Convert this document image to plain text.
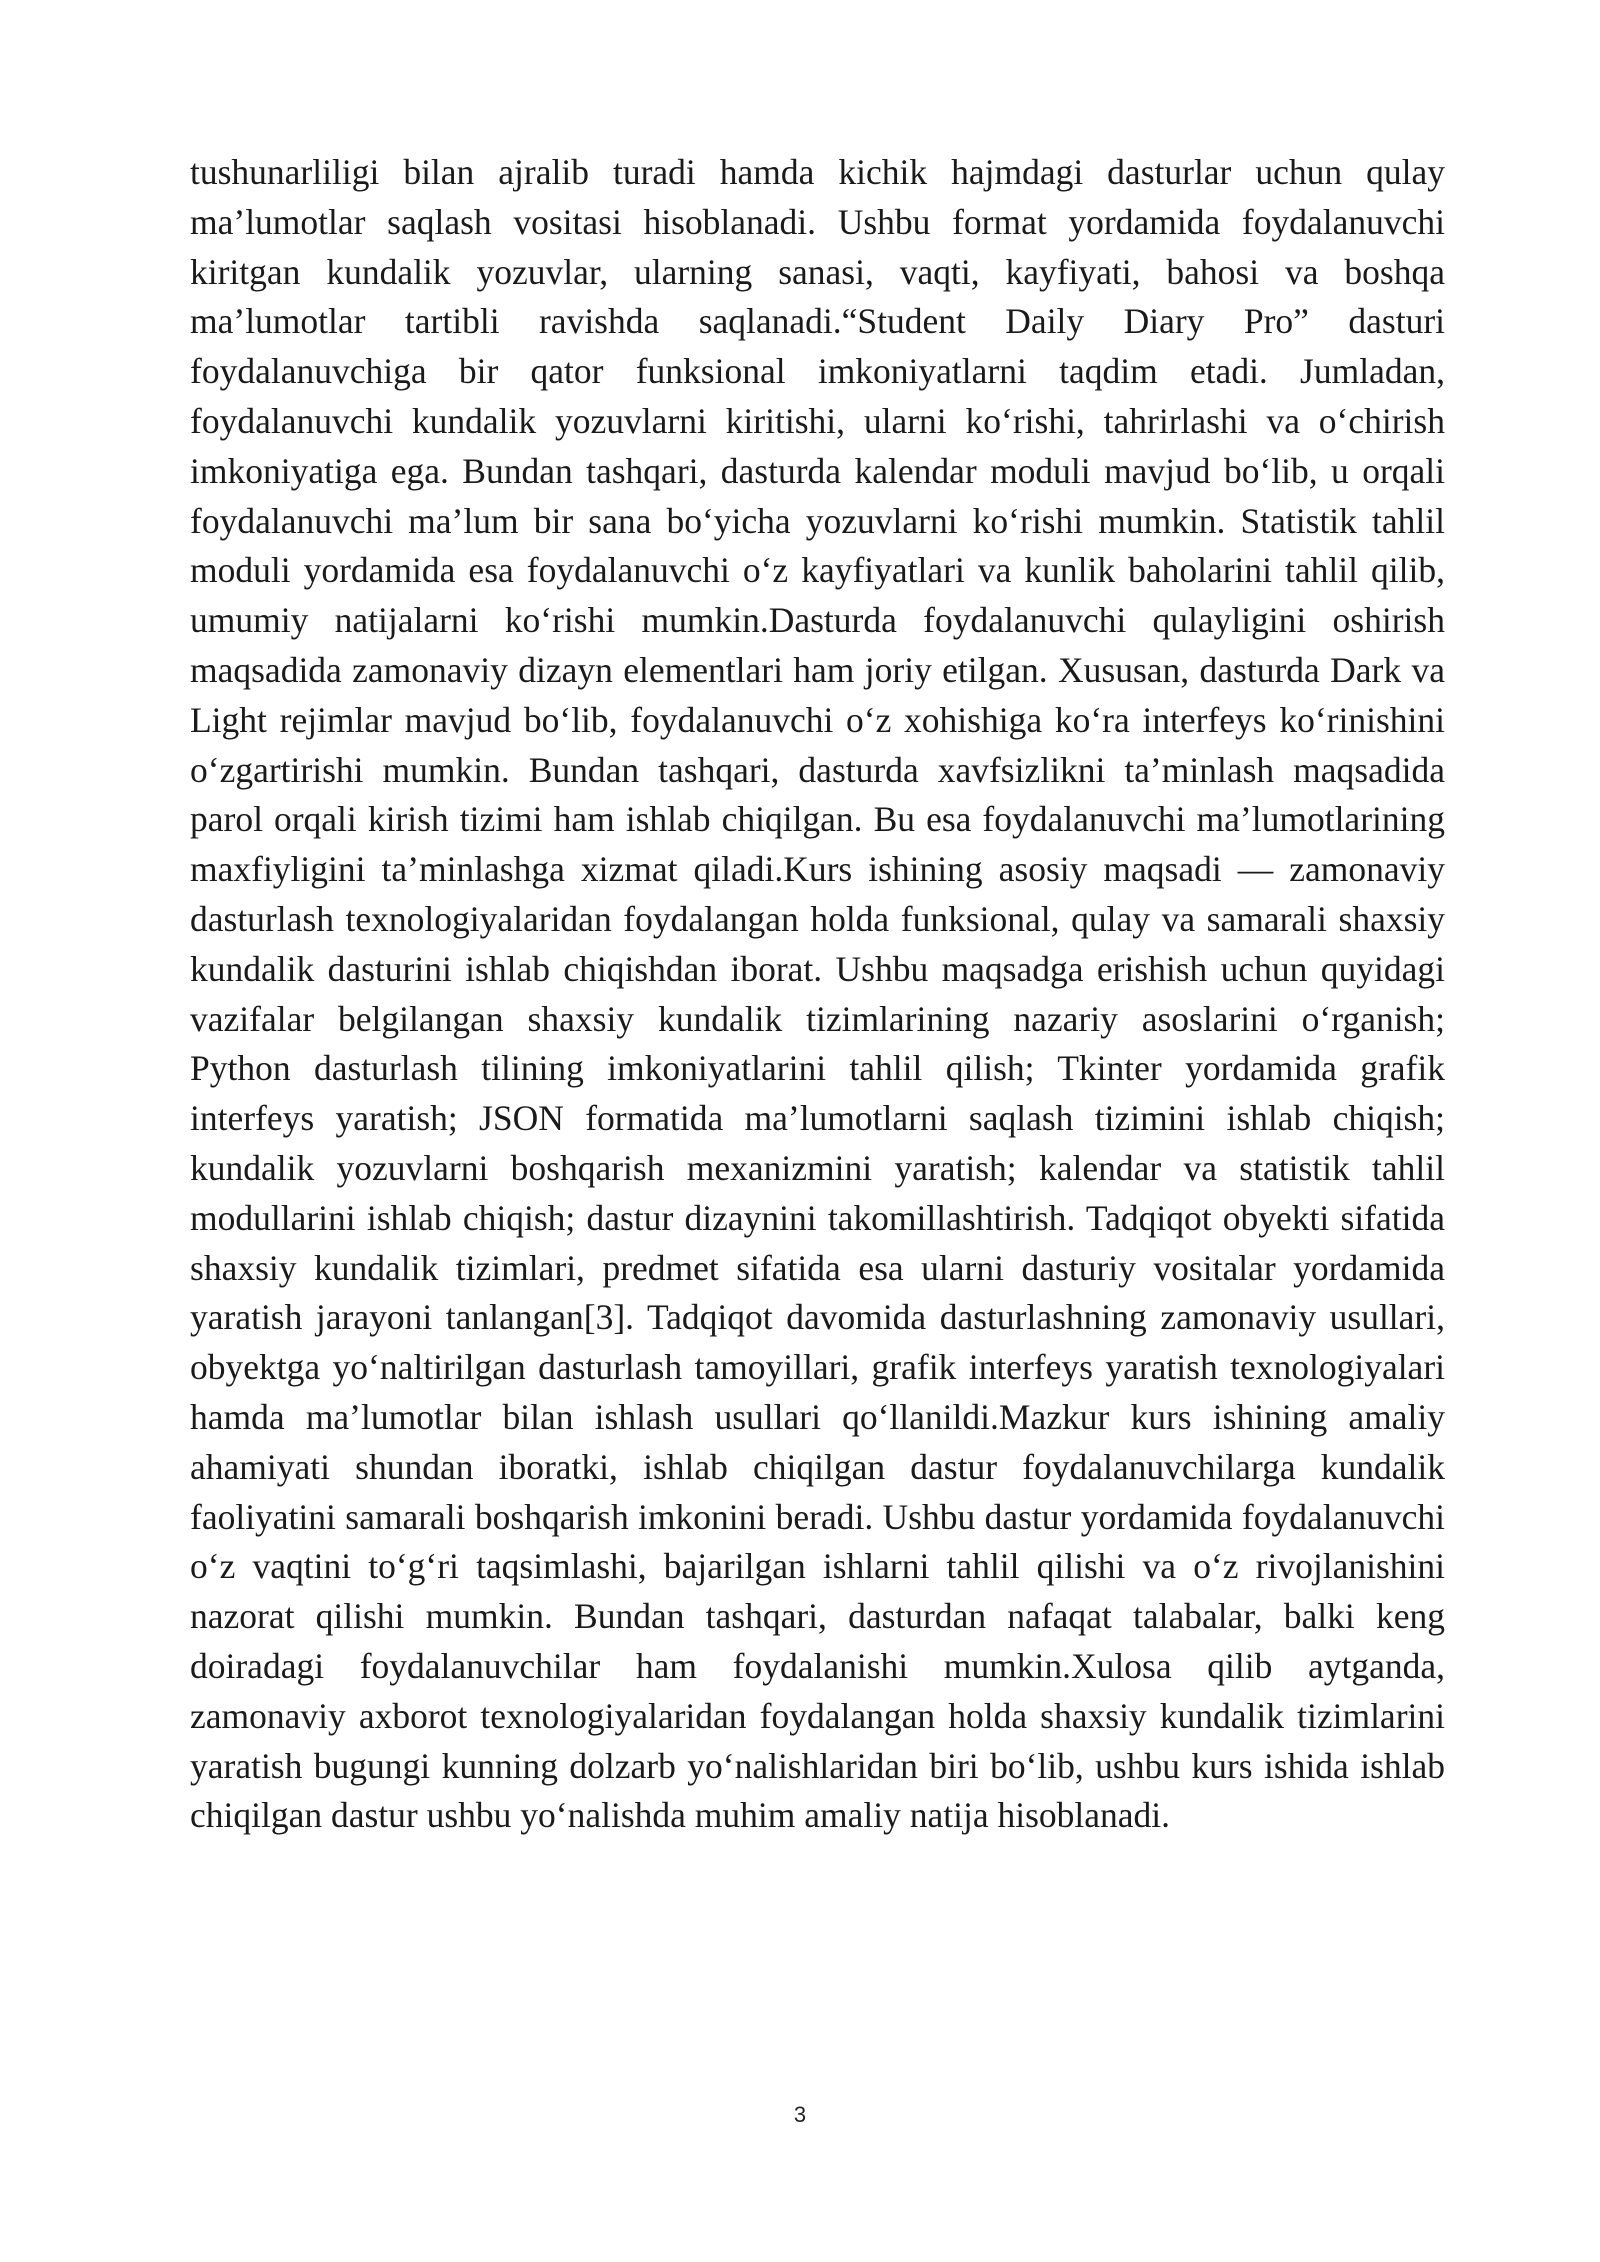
tushunarliligi bilan ajralib turadi hamda kichik hajmdagi dasturlar uchun qulay ma’lumotlar saqlash vositasi hisoblanadi. Ushbu format yordamida foydalanuvchi kiritgan kundalik yozuvlar, ularning sanasi, vaqti, kayfiyati, bahosi va boshqa ma’lumotlar tartibli ravishda saqlanadi.“Student Daily Diary Pro” dasturi foydalanuvchiga bir qator funksional imkoniyatlarni taqdim etadi. Jumladan, foydalanuvchi kundalik yozuvlarni kiritishi, ularni ko‘rishi, tahrirlashi va o‘chirish imkoniyatiga ega. Bundan tashqari, dasturda kalendar moduli mavjud bo‘lib, u orqali foydalanuvchi ma’lum bir sana bo‘yicha yozuvlarni ko‘rishi mumkin. Statistik tahlil moduli yordamida esa foydalanuvchi o‘z kayfiyatlari va kunlik baholarini tahlil qilib, umumiy natijalarni ko‘rishi mumkin.Dasturda foydalanuvchi qulayligini oshirish maqsadida zamonaviy dizayn elementlari ham joriy etilgan. Xususan, dasturda Dark va Light rejimlar mavjud bo‘lib, foydalanuvchi o‘z xohishiga ko‘ra interfeys ko‘rinishini o‘zgartirishi mumkin. Bundan tashqari, dasturda xavfsizlikni ta’minlash maqsadida parol orqali kirish tizimi ham ishlab chiqilgan. Bu esa foydalanuvchi ma’lumotlarining maxfiyligini ta’minlashga xizmat qiladi.Kurs ishining asosiy maqsadi — zamonaviy dasturlash texnologiyalaridan foydalangan holda funksional, qulay va samarali shaxsiy kundalik dasturini ishlab chiqishdan iborat. Ushbu maqsadga erishish uchun quyidagi vazifalar belgilangan shaxsiy kundalik tizimlarining nazariy asoslarini o‘rganish; Python dasturlash tilining imkoniyatlarini tahlil qilish; Tkinter yordamida grafik interfeys yaratish; JSON formatida ma’lumotlarni saqlash tizimini ishlab chiqish; kundalik yozuvlarni boshqarish mexanizmini yaratish; kalendar va statistik tahlil modullarini ishlab chiqish; dastur dizaynini takomillashtirish. Tadqiqot obyekti sifatida shaxsiy kundalik tizimlari, predmet sifatida esa ularni dasturiy vositalar yordamida yaratish jarayoni tanlangan[3]. Tadqiqot davomida dasturlashning zamonaviy usullari, obyektga yo‘naltirilgan dasturlash tamoyillari, grafik interfeys yaratish texnologiyalari hamda ma’lumotlar bilan ishlash usullari qo‘llanildi.Mazkur kurs ishining amaliy ahamiyati shundan iboratki, ishlab chiqilgan dastur foydalanuvchilarga kundalik faoliyatini samarali boshqarish imkonini beradi. Ushbu dastur yordamida foydalanuvchi o‘z vaqtini to‘g‘ri taqsimlashi, bajarilgan ishlarni tahlil qilishi va o‘z rivojlanishini nazorat qilishi mumkin. Bundan tashqari, dasturdan nafaqat talabalar, balki keng doiradagi foydalanuvchilar ham foydalanishi mumkin.Xulosa qilib aytganda, zamonaviy axborot texnologiyalaridan foydalangan holda shaxsiy kundalik tizimlarini yaratish bugungi kunning dolzarb yo‘nalishlaridan biri bo‘lib, ushbu kurs ishida ishlab chiqilgan dastur ushbu yo‘nalishda muhim amaliy natija hisoblanadi.

3
